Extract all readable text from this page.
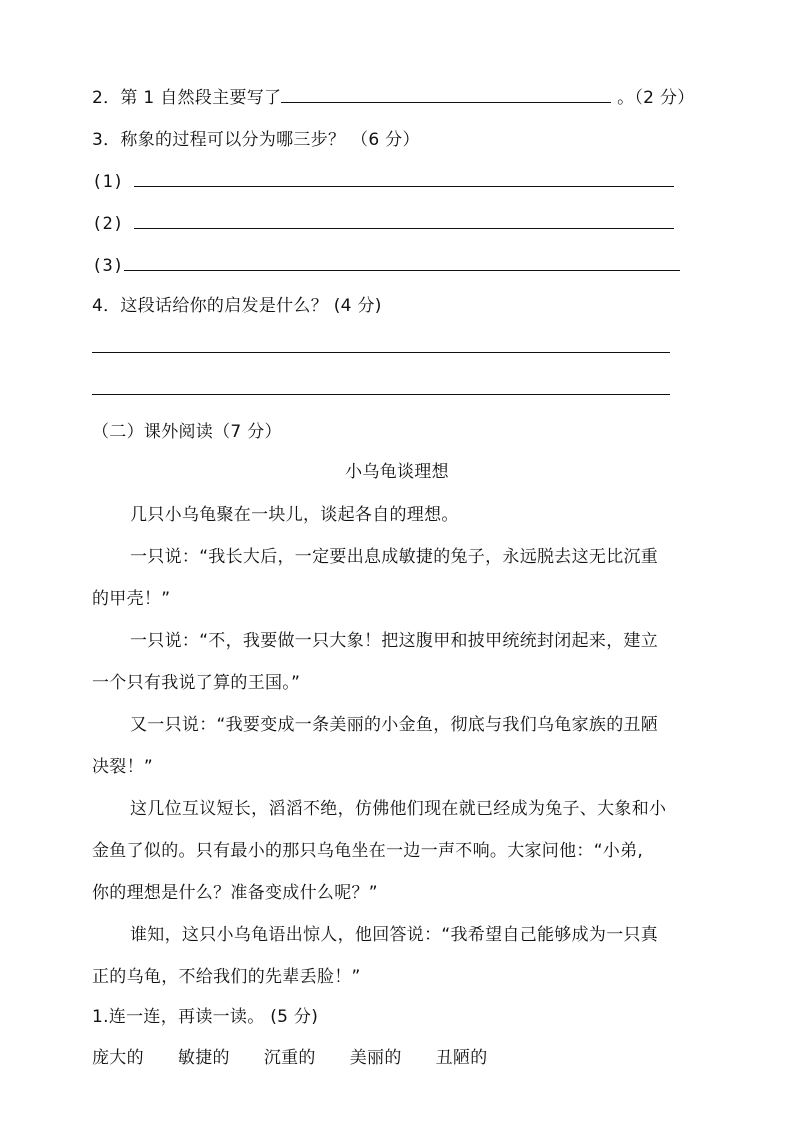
2．第 1 自然段主要写了	。（2 分）
3．称象的过程可以分为哪三步？ （6 分）
(1)
(2)
(3)
4．这段话给你的启发是什么？ (4 分)
（二）课外阅读（7 分）
小乌龟谈理想
几只小乌龟聚在一块儿，谈起各自的理想。
一只说：“我长大后，一定要出息成敏捷的兔子，永远脱去这无比沉重
的甲壳！”
一只说：“不，我要做一只大象！把这腹甲和披甲统统封闭起来，建立
一个只有我说了算的王国。”
又一只说：“我要变成一条美丽的小金鱼，彻底与我们乌龟家族的丑陋
决裂！”
这几位互议短长，滔滔不绝，仿佛他们现在就已经成为兔子、大象和小
金鱼了似的。只有最小的那只乌龟坐在一边一声不响。大家问他：“小弟,
你的理想是什么？准备变成什么呢？”
谁知，这只小乌龟语出惊人，他回答说：“我希望自己能够成为一只真
正的乌龟，不给我们的先辈丢脸！”
1.连一连，再读一读。 (5 分)
庞大的 敏捷的 沉重的 美丽的 丑陋的
